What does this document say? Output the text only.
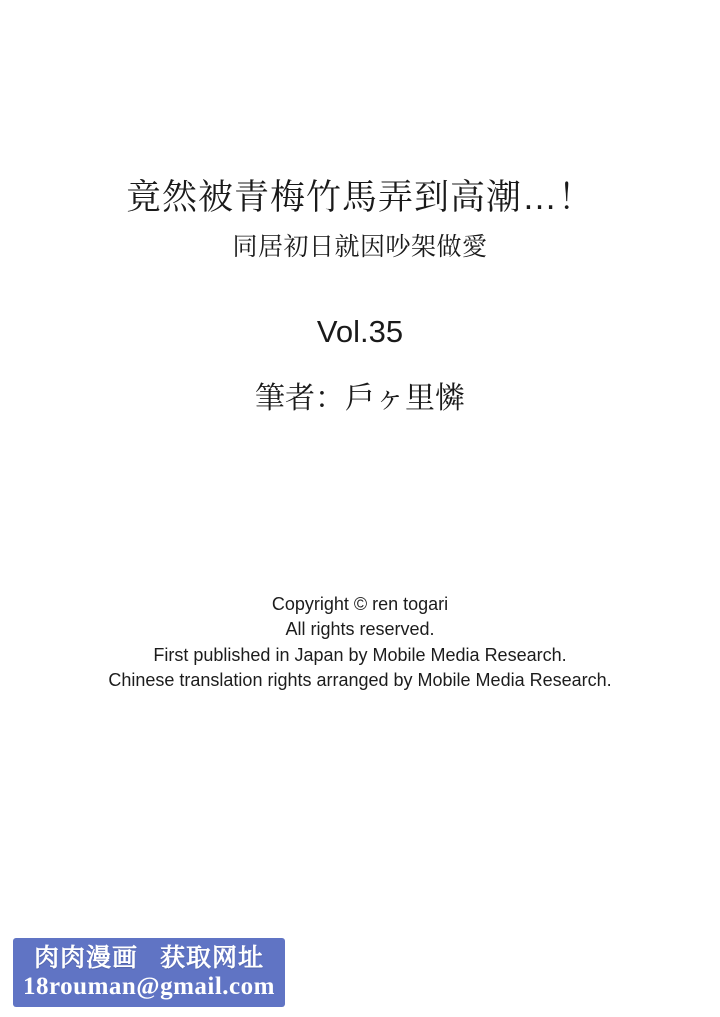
竟然被青梅竹馬弄到高潮…！
同居初日就因吵架做愛
Vol.35
筆者：戶ヶ里憐
Copyright © ren togari
All rights reserved.
First published in Japan by Mobile Media Research.
Chinese translation rights arranged by Mobile Media Research.
肉肉漫画 获取网址
18rouman@gmail.com
